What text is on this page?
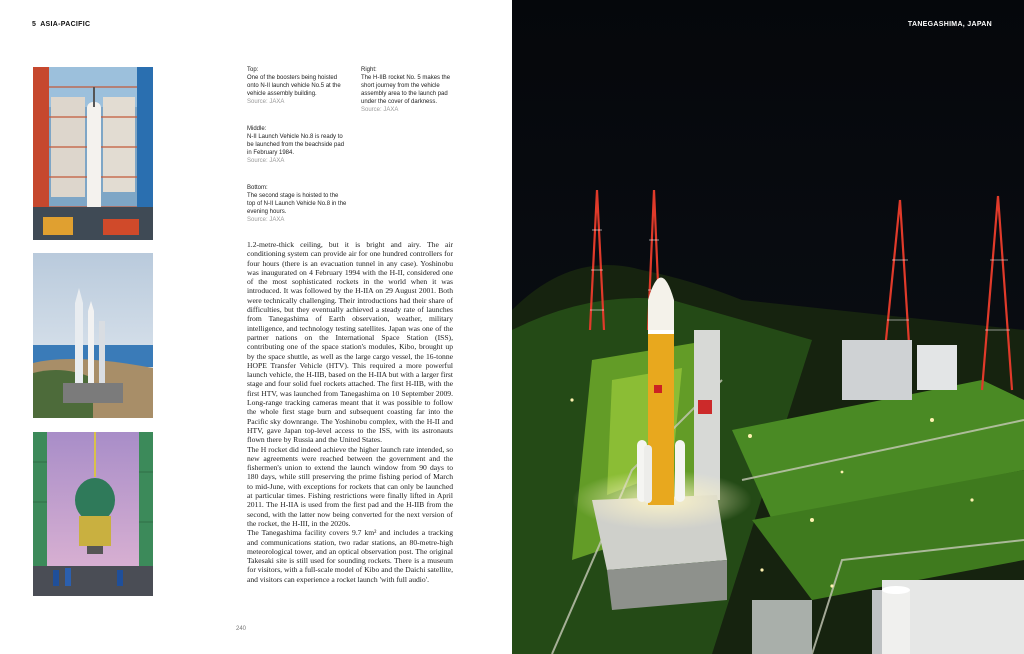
5 ASIA-PACIFIC
Top:
One of the boosters being hoisted onto N-II launch vehicle No.5 at the vehicle assembly building.
Source: JAXA
Right:
The H-IIB rocket No. 5 makes the short journey from the vehicle assembly area to the launch pad under the cover of darkness.
Source: JAXA
Middle:
N-II Launch Vehicle No.8 is ready to be launched from the beachside pad in February 1984.
Source: JAXA
Bottom:
The second stage is hoisted to the top of N-II Launch Vehicle No.8 in the evening hours.
Source: JAXA

1.2-metre-thick ceiling, but it is bright and airy. The air conditioning system can provide air for one hundred controllers for four hours (there is an evacuation tunnel in any case). Yoshinobu was inaugurated on 4 February 1994 with the H-II, considered one of the most sophisticated rockets in the world when it was introduced. It was followed by the H-IIA on 29 August 2001. Both were technically challenging. Their introductions had their share of difficulties, but they eventually achieved a steady rate of launches from Tanegashima of Earth observation, weather, military intelligence, and technology testing satellites. Japan was one of the partner nations on the International Space Station (ISS), contributing one of the space station's modules, Kibo, brought up by the space shuttle, as well as the large cargo vessel, the 16-tonne HOPE Transfer Vehicle (HTV). This required a more powerful launch vehicle, the H-IIB, based on the H-IIA but with a larger first stage and four solid fuel rockets attached. The first H-IIB, with the first HTV, was launched from Tanegashima on 10 September 2009. Long-range tracking cameras meant that it was possible to follow the whole first stage burn and subsequent coasting far into the Pacific sky downrange. The Yoshinobu complex, with the H-II and HTV, gave Japan top-level access to the ISS, with its astronauts flown there by Russia and the United States.

The H rocket did indeed achieve the higher launch rate intended, so new agreements were reached between the government and the fishermen's union to extend the launch window from 90 days to 180 days, while still preserving the prime fishing period of March to mid-June, with exceptions for rockets that can only be launched at particular times. Fishing restrictions were finally lifted in April 2011. The H-IIA is used from the first pad and the H-IIB from the second, with the latter now being converted for the next version of the rocket, the H-III, in the 2020s.

The Tanegashima facility covers 9.7 km² and includes a tracking and communications station, two radar stations, an 80-metre-high meteorological tower, and an optical observation post. The original Takesaki site is still used for sounding rockets. There is a museum for visitors, with a full-scale model of Kibo and the Daichi satellite, and visitors can experience a rocket launch 'with full audio'.

240
TANEGASHIMA, JAPAN
